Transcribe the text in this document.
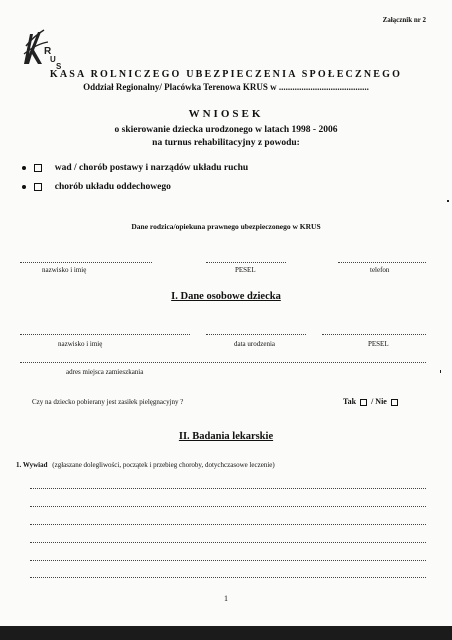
Załącznik nr 2
R
U
S
KASA ROLNICZEGO UBEZPIECZENIA SPOŁECZNEGO
Oddział Regionalny/ Placówka Terenowa KRUS w ........................................
WNIOSEK
o skierowanie dziecka urodzonego w latach 1998 - 2006
na turnus rehabilitacyjny z powodu:
wad / chorób postawy i narządów układu ruchu
chorób układu oddechowego
Dane rodzica/opiekuna prawnego ubezpieczonego w KRUS
nazwisko i imię	PESEL	telefon
I. Dane osobowe dziecka
nazwisko i imię	data urodzenia	PESEL
adres miejsca zamieszkania
Czy na dziecko pobierany jest zasiłek pielęgnacyjny ?	Tak / Nie
II. Badania lekarskie
1. Wywiad (zgłaszane dolegliwości, początek i przebieg choroby, dotychczasowe leczenie)
1
